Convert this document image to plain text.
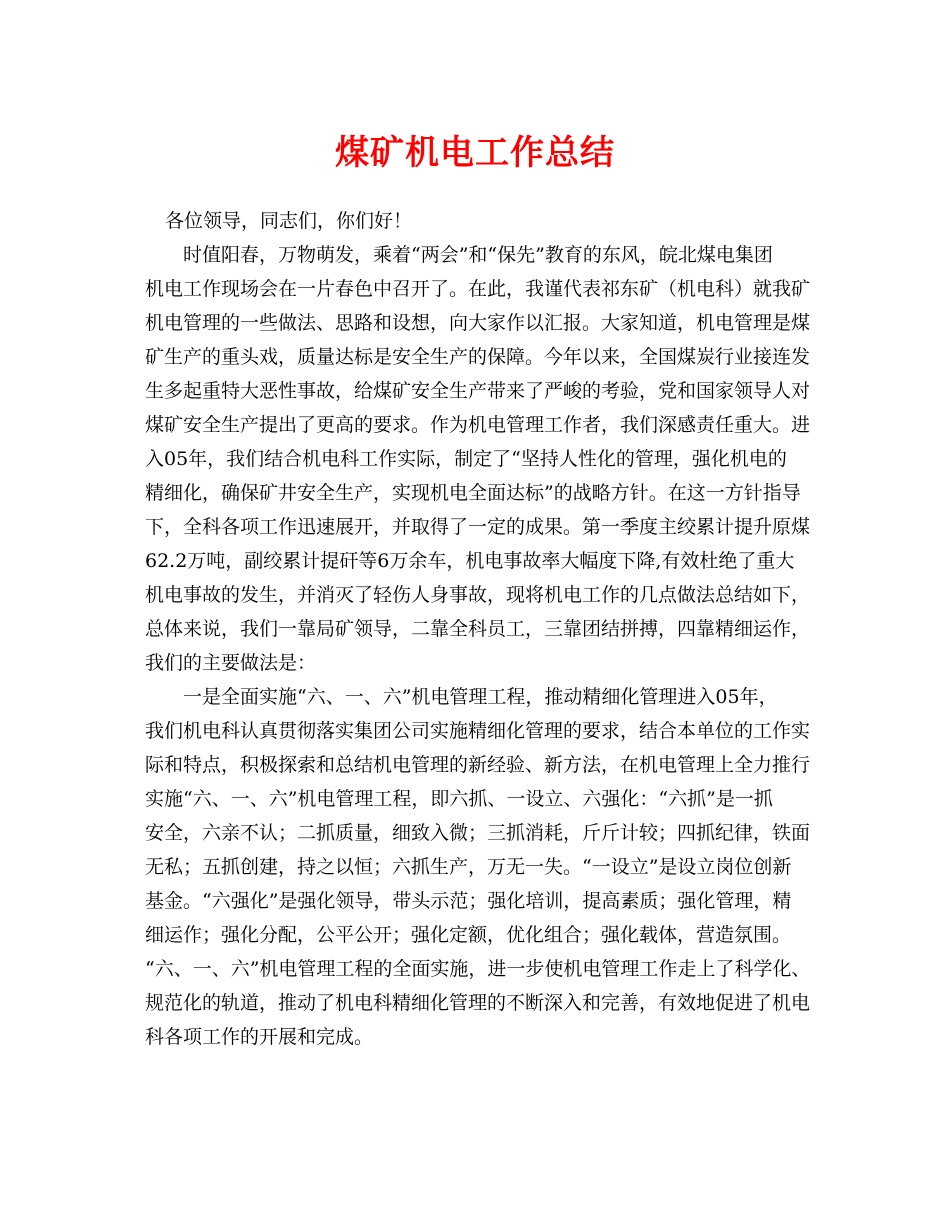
煤矿机电工作总结
各位领导，同志们，你们好！
时值阳春，万物萌发，乘着“两会”和“保先”教育的东风，皖北煤电集团
机电工作现场会在一片春色中召开了。在此，我谨代表祁东矿（机电科）就我矿
机电管理的一些做法、思路和设想，向大家作以汇报。大家知道，机电管理是煤
矿生产的重头戏，质量达标是安全生产的保障。今年以来，全国煤炭行业接连发
生多起重特大恶性事故，给煤矿安全生产带来了严峻的考验，党和国家领导人对
煤矿安全生产提出了更高的要求。作为机电管理工作者，我们深感责任重大。进
入05年，我们结合机电科工作实际，制定了“坚持人性化的管理，强化机电的
精细化，确保矿井安全生产，实现机电全面达标”的战略方针。在这一方针指导
下，全科各项工作迅速展开，并取得了一定的成果。第一季度主绞累计提升原煤
62.2万吨，副绞累计提矸等6万余车，机电事故率大幅度下降,有效杜绝了重大
机电事故的发生，并消灭了轻伤人身事故，现将机电工作的几点做法总结如下，
总体来说，我们一靠局矿领导，二靠全科员工，三靠团结拼搏，四靠精细运作，
我们的主要做法是：
一是全面实施“六、一、六”机电管理工程，推动精细化管理进入05年，
我们机电科认真贯彻落实集团公司实施精细化管理的要求，结合本单位的工作实
际和特点，积极探索和总结机电管理的新经验、新方法，在机电管理上全力推行
实施“六、一、六”机电管理工程，即六抓、一设立、六强化：“六抓”是一抓
安全，六亲不认；二抓质量，细致入微；三抓消耗，斤斤计较；四抓纪律，铁面
无私；五抓创建，持之以恒；六抓生产，万无一失。“一设立”是设立岗位创新
基金。“六强化”是强化领导，带头示范；强化培训，提高素质；强化管理，精
细运作；强化分配，公平公开；强化定额，优化组合；强化载体，营造氛围。
“六、一、六”机电管理工程的全面实施，进一步使机电管理工作走上了科学化、
规范化的轨道，推动了机电科精细化管理的不断深入和完善，有效地促进了机电
科各项工作的开展和完成。
